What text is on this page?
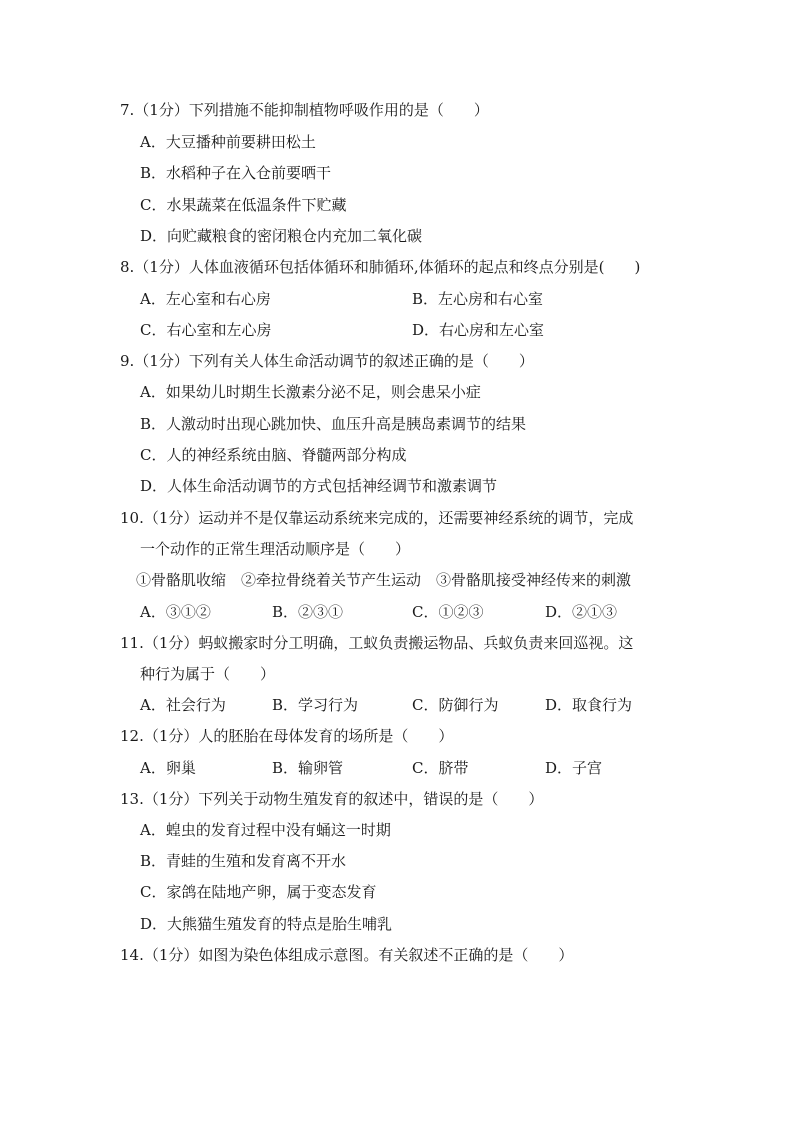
7.（1分）下列措施不能抑制植物呼吸作用的是（　　）
A．大豆播种前要耕田松土
B．水稻种子在入仓前要晒干
C．水果蔬菜在低温条件下贮藏
D．向贮藏粮食的密闭粮仓内充加二氧化碳
8.（1分）人体血液循环包括体循环和肺循环,体循环的起点和终点分别是(　　)
A．左心室和右心房	B．左心房和右心室
C．右心室和左心房	D．右心房和左心室
9.（1分）下列有关人体生命活动调节的叙述正确的是（　　）
A．如果幼儿时期生长激素分泌不足，则会患呆小症
B．人激动时出现心跳加快、血压升高是胰岛素调节的结果
C．人的神经系统由脑、脊髓两部分构成
D．人体生命活动调节的方式包括神经调节和激素调节
10.（1分）运动并不是仅靠运动系统来完成的，还需要神经系统的调节，完成
一个动作的正常生理活动顺序是（　　）
①骨骼肌收缩　②牵拉骨绕着关节产生运动　③骨骼肌接受神经传来的刺激
A．③①②	B．②③①	C．①②③	D．②①③
11.（1分）蚂蚁搬家时分工明确，工蚁负责搬运物品、兵蚁负责来回巡视。这
种行为属于（　　）
A．社会行为	B．学习行为	C．防御行为	D．取食行为
12.（1分）人的胚胎在母体发育的场所是（　　）
A．卵巢	B．输卵管	C．脐带	D．子宫
13.（1分）下列关于动物生殖发育的叙述中，错误的是（　　）
A．蝗虫的发育过程中没有蛹这一时期
B．青蛙的生殖和发育离不开水
C．家鸽在陆地产卵，属于变态发育
D．大熊猫生殖发育的特点是胎生哺乳
14.（1分）如图为染色体组成示意图。有关叙述不正确的是（　　）
